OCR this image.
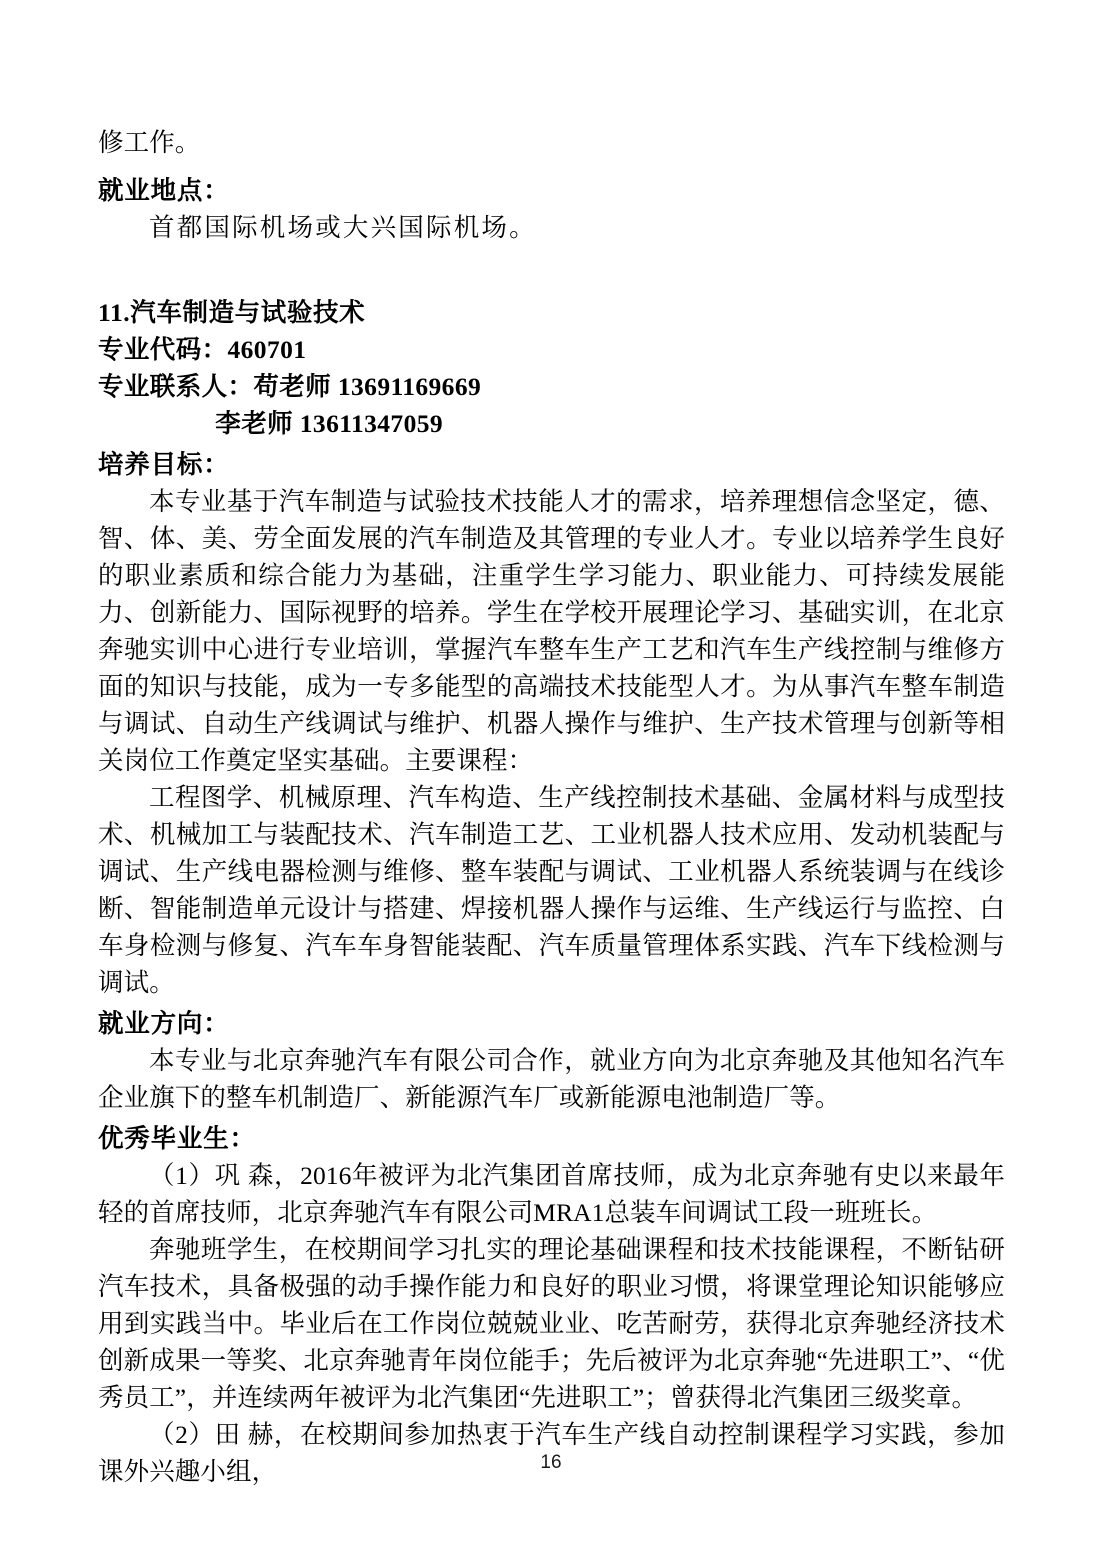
修工作。

就业地点：

首都国际机场或大兴国际机场。

11.汽车制造与试验技术

专业代码：460701

专业联系人：苟老师 13691169669

李老师 13611347059

培养目标：

本专业基于汽车制造与试验技术技能人才的需求，培养理想信念坚定，德、智、体、美、劳全面发展的汽车制造及其管理的专业人才。专业以培养学生良好的职业素质和综合能力为基础，注重学生学习能力、职业能力、可持续发展能力、创新能力、国际视野的培养。学生在学校开展理论学习、基础实训，在北京奔驰实训中心进行专业培训，掌握汽车整车生产工艺和汽车生产线控制与维修方面的知识与技能，成为一专多能型的高端技术技能型人才。为从事汽车整车制造与调试、自动生产线调试与维护、机器人操作与维护、生产技术管理与创新等相关岗位工作奠定坚实基础。主要课程：

工程图学、机械原理、汽车构造、生产线控制技术基础、金属材料与成型技术、机械加工与装配技术、汽车制造工艺、工业机器人技术应用、发动机装配与调试、生产线电器检测与维修、整车装配与调试、工业机器人系统装调与在线诊断、智能制造单元设计与搭建、焊接机器人操作与运维、生产线运行与监控、白车身检测与修复、汽车车身智能装配、汽车质量管理体系实践、汽车下线检测与调试。

就业方向：

本专业与北京奔驰汽车有限公司合作，就业方向为北京奔驰及其他知名汽车企业旗下的整车机制造厂、新能源汽车厂或新能源电池制造厂等。

优秀毕业生：

（1）巩 森，2016年被评为北汽集团首席技师，成为北京奔驰有史以来最年轻的首席技师，北京奔驰汽车有限公司MRA1总装车间调试工段一班班长。

奔驰班学生，在校期间学习扎实的理论基础课程和技术技能课程，不断钻研汽车技术，具备极强的动手操作能力和良好的职业习惯，将课堂理论知识能够应用到实践当中。毕业后在工作岗位兢兢业业、吃苦耐劳，获得北京奔驰经济技术创新成果一等奖、北京奔驰青年岗位能手；先后被评为北京奔驰“先进职工”、“优秀员工”，并连续两年被评为北汽集团“先进职工”；曾获得北汽集团三级奖章。

（2）田 赫，在校期间参加热衷于汽车生产线自动控制课程学习实践，参加课外兴趣小组，	16
